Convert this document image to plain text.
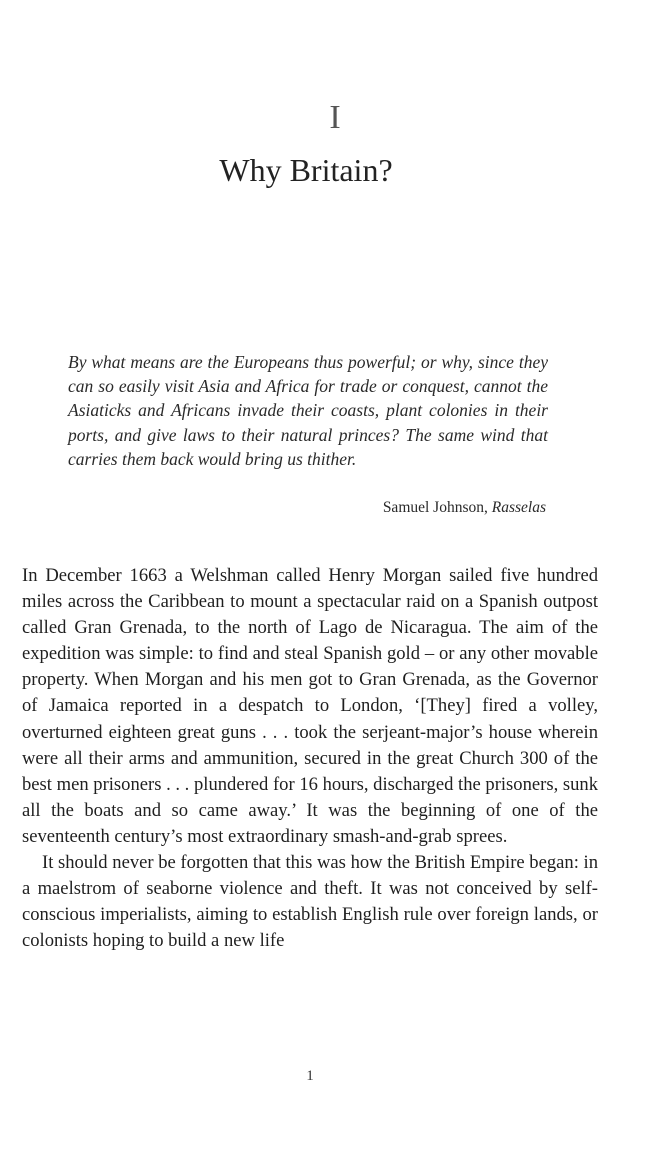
I
Why Britain?

By what means are the Europeans thus powerful; or why, since they can so easily visit Asia and Africa for trade or conquest, cannot the Asiaticks and Africans invade their coasts, plant colonies in their ports, and give laws to their natural princes? The same wind that carries them back would bring us thither.

Samuel Johnson, Rasselas

In December 1663 a Welshman called Henry Morgan sailed five hundred miles across the Caribbean to mount a spectacular raid on a Spanish outpost called Gran Grenada, to the north of Lago de Nicaragua. The aim of the expedition was simple: to find and steal Spanish gold – or any other movable property. When Morgan and his men got to Gran Grenada, as the Governor of Jamaica reported in a despatch to London, ‘[They] fired a volley, overturned eighteen great guns . . . took the serjeant-major’s house wherein were all their arms and ammunition, secured in the great Church 300 of the best men prisoners . . . plundered for 16 hours, discharged the prisoners, sunk all the boats and so came away.’ It was the beginning of one of the seventeenth century’s most extraordinary smash-and-grab sprees.

It should never be forgotten that this was how the British Empire began: in a maelstrom of seaborne violence and theft. It was not conceived by self-conscious imperialists, aiming to establish English rule over foreign lands, or colonists hoping to build a new life

1
